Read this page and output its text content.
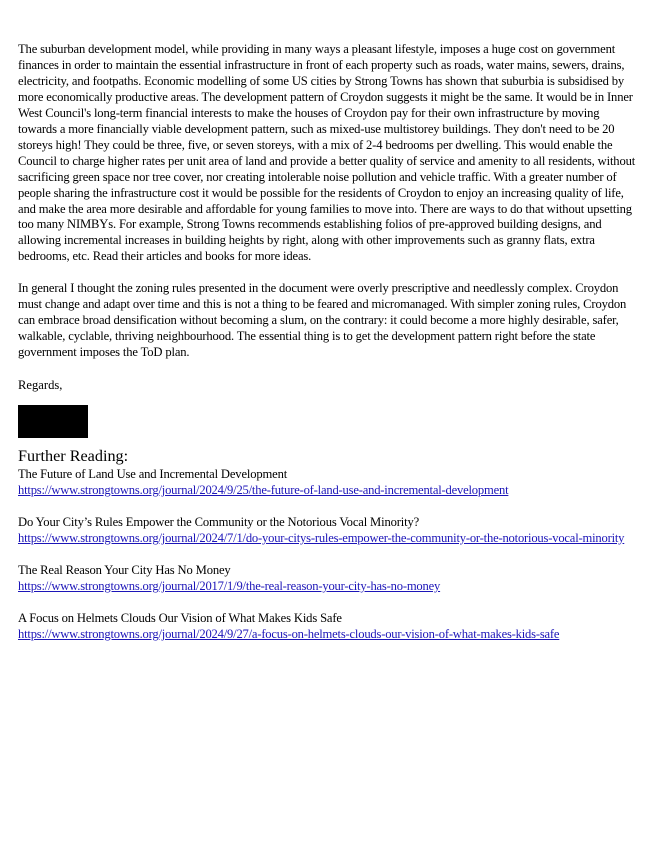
The suburban development model, while providing in many ways a pleasant lifestyle, imposes a huge cost on government finances in order to maintain the essential infrastructure in front of each property such as roads, water mains, sewers, drains, electricity, and footpaths. Economic modelling of some US cities by Strong Towns has shown that suburbia is subsidised by more economically productive areas. The development pattern of Croydon suggests it might be the same. It would be in Inner West Council's long-term financial interests to make the houses of Croydon pay for their own infrastructure by moving towards a more financially viable development pattern, such as mixed-use multistorey buildings. They don't need to be 20 storeys high! They could be three, five, or seven storeys, with a mix of 2-4 bedrooms per dwelling. This would enable the Council to charge higher rates per unit area of land and provide a better quality of service and amenity to all residents, without sacrificing green space nor tree cover, nor creating intolerable noise pollution and vehicle traffic. With a greater number of people sharing the infrastructure cost it would be possible for the residents of Croydon to enjoy an increasing quality of life, and make the area more desirable and affordable for young families to move into. There are ways to do that without upsetting too many NIMBYs. For example, Strong Towns recommends establishing folios of pre-approved building designs, and allowing incremental increases in building heights by right, along with other improvements such as granny flats, extra bedrooms, etc. Read their articles and books for more ideas.

In general I thought the zoning rules presented in the document were overly prescriptive and needlessly complex. Croydon must change and adapt over time and this is not a thing to be feared and micromanaged. With simpler zoning rules, Croydon can embrace broad densification without becoming a slum, on the contrary: it could become a more highly desirable, safer, walkable, cyclable, thriving neighbourhood. The essential thing is to get the development pattern right before the state government imposes the ToD plan.

Regards,

Further Reading:
The Future of Land Use and Incremental Development
https://www.strongtowns.org/journal/2024/9/25/the-future-of-land-use-and-incremental-development
Do Your City’s Rules Empower the Community or the Notorious Vocal Minority?
https://www.strongtowns.org/journal/2024/7/1/do-your-citys-rules-empower-the-community-or-the-notorious-vocal-minority
The Real Reason Your City Has No Money
https://www.strongtowns.org/journal/2017/1/9/the-real-reason-your-city-has-no-money
A Focus on Helmets Clouds Our Vision of What Makes Kids Safe
https://www.strongtowns.org/journal/2024/9/27/a-focus-on-helmets-clouds-our-vision-of-what-makes-kids-safe
